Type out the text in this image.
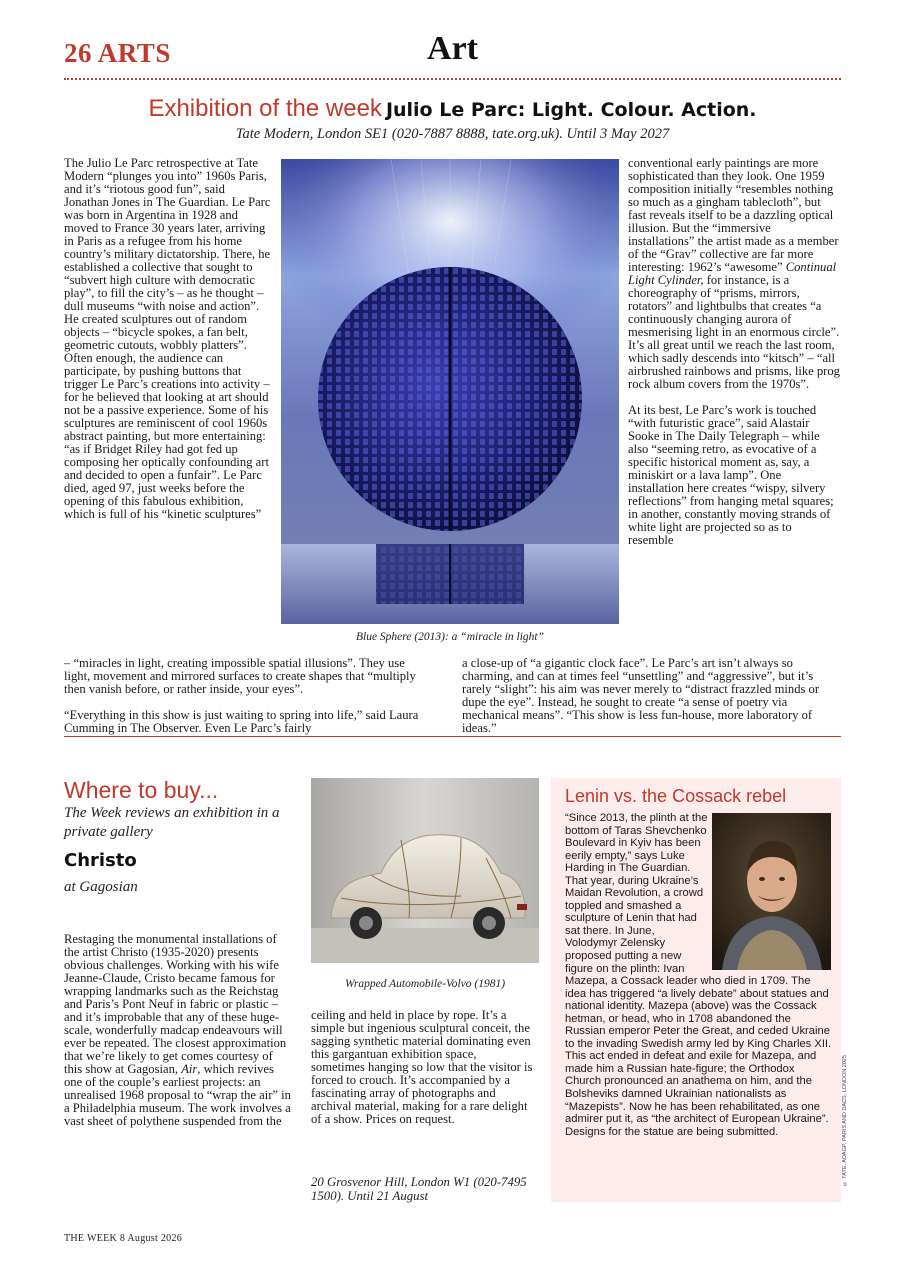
26 ARTS	Art
Exhibition of the week Julio Le Parc: Light. Colour. Action.
Tate Modern, London SE1 (020-7887 8888, tate.org.uk). Until 3 May 2027

The Julio Le Parc retrospective at Tate Modern “plunges you into” 1960s Paris, and it’s “riotous good fun”, said Jonathan Jones in The Guardian. Le Parc was born in Argentina in 1928 and moved to France 30 years later, arriving in Paris as a refugee from his home country’s military dictatorship. There, he established a collective that sought to “subvert high culture with democratic play”, to fill the city’s – as he thought – dull museums “with noise and action”. He created sculptures out of random objects – “bicycle spokes, a fan belt, geometric cutouts, wobbly platters”. Often enough, the audience can participate, by pushing buttons that trigger Le Parc’s creations into activity – for he believed that looking at art should not be a passive experience. Some of his sculptures are reminiscent of cool 1960s abstract painting, but more entertaining: “as if Bridget Riley had got fed up composing her optically confounding art and decided to open a funfair”. Le Parc died, aged 97, just weeks before the opening of this fabulous exhibition, which is full of his “kinetic sculptures”

Blue Sphere (2013): a “miracle in light”

conventional early paintings are more sophisticated than they look. One 1959 composition initially “resembles nothing so much as a gingham tablecloth”, but fast reveals itself to be a dazzling optical illusion. But the “immersive installations” the artist made as a member of the “Grav” collective are far more interesting: 1962’s “awesome” Continual Light Cylinder, for instance, is a choreography of “prisms, mirrors, rotators” and lightbulbs that creates “a continuously changing aurora of mesmerising light in an enormous circle”. It’s all great until we reach the last room, which sadly descends into “kitsch” – “all airbrushed rainbows and prisms, like prog rock album covers from the 1970s”.

At its best, Le Parc’s work is touched “with futuristic grace”, said Alastair Sooke in The Daily Telegraph – while also “seeming retro, as evocative of a specific historical moment as, say, a miniskirt or a lava lamp”. One installation here creates “wispy, silvery reflections” from hanging metal squares; in another, constantly moving strands of white light are projected so as to resemble

– “miracles in light, creating impossible spatial illusions”. They use light, movement and mirrored surfaces to create shapes that “multiply then vanish before, or rather inside, your eyes”.

“Everything in this show is just waiting to spring into life,” said Laura Cumming in The Observer. Even Le Parc’s fairly

a close-up of “a gigantic clock face”. Le Parc’s art isn’t always so charming, and can at times feel “unsettling” and “aggressive”, but it’s rarely “slight”: his aim was never merely to “distract frazzled minds or dupe the eye”. Instead, he sought to create “a sense of poetry via mechanical means”. “This show is less fun-house, more laboratory of ideas.”

Where to buy...
The Week reviews an exhibition in a private gallery
Christo
at Gagosian

Restaging the monumental installations of the artist Christo (1935-2020) presents obvious challenges. Working with his wife Jeanne-Claude, Cristo became famous for wrapping landmarks such as the Reichstag and Paris’s Pont Neuf in fabric or plastic – and it’s improbable that any of these huge-scale, wonderfully madcap endeavours will ever be repeated. The closest approximation that we’re likely to get comes courtesy of this show at Gagosian, Air, which revives one of the couple’s earliest projects: an unrealised 1968 proposal to “wrap the air” in a Philadelphia museum. The work involves a vast sheet of polythene suspended from the

Wrapped Automobile-Volvo (1981)

ceiling and held in place by rope. It’s a simple but ingenious sculptural conceit, the sagging synthetic material dominating even this gargantuan exhibition space, sometimes hanging so low that the visitor is forced to crouch. It’s accompanied by a fascinating array of photographs and archival material, making for a rare delight of a show. Prices on request.

20 Grosvenor Hill, London W1 (020-7495 1500). Until 21 August
Lenin vs. the Cossack rebel
“Since 2013, the plinth at the bottom of Taras Shevchenko Boulevard in Kyiv has been eerily empty,” says Luke Harding in The Guardian. That year, during Ukraine’s Maidan Revolution, a crowd toppled and smashed a sculpture of Lenin that had sat there. In June, Volodymyr Zelensky proposed putting a new figure on the plinth: Ivan Mazepa, a Cossack leader who died in 1709. The idea has triggered “a lively debate” about statues and national identity. Mazepa (above) was the Cossack hetman, or head, who in 1708 abandoned the Russian emperor Peter the Great, and ceded Ukraine to the invading Swedish army led by King Charles XII. This act ended in defeat and exile for Mazepa, and made him a Russian hate-figure; the Orthodox Church pronounced an anathema on him, and the Bolsheviks damned Ukrainian nationalists as “Mazepists”. Now he has been rehabilitated, as one admirer put it, as “the architect of European Ukraine”. Designs for the statue are being submitted.	© TATE, ADAGP, PARIS AND DACS, LONDON 2025
THE WEEK 8 August 2026
